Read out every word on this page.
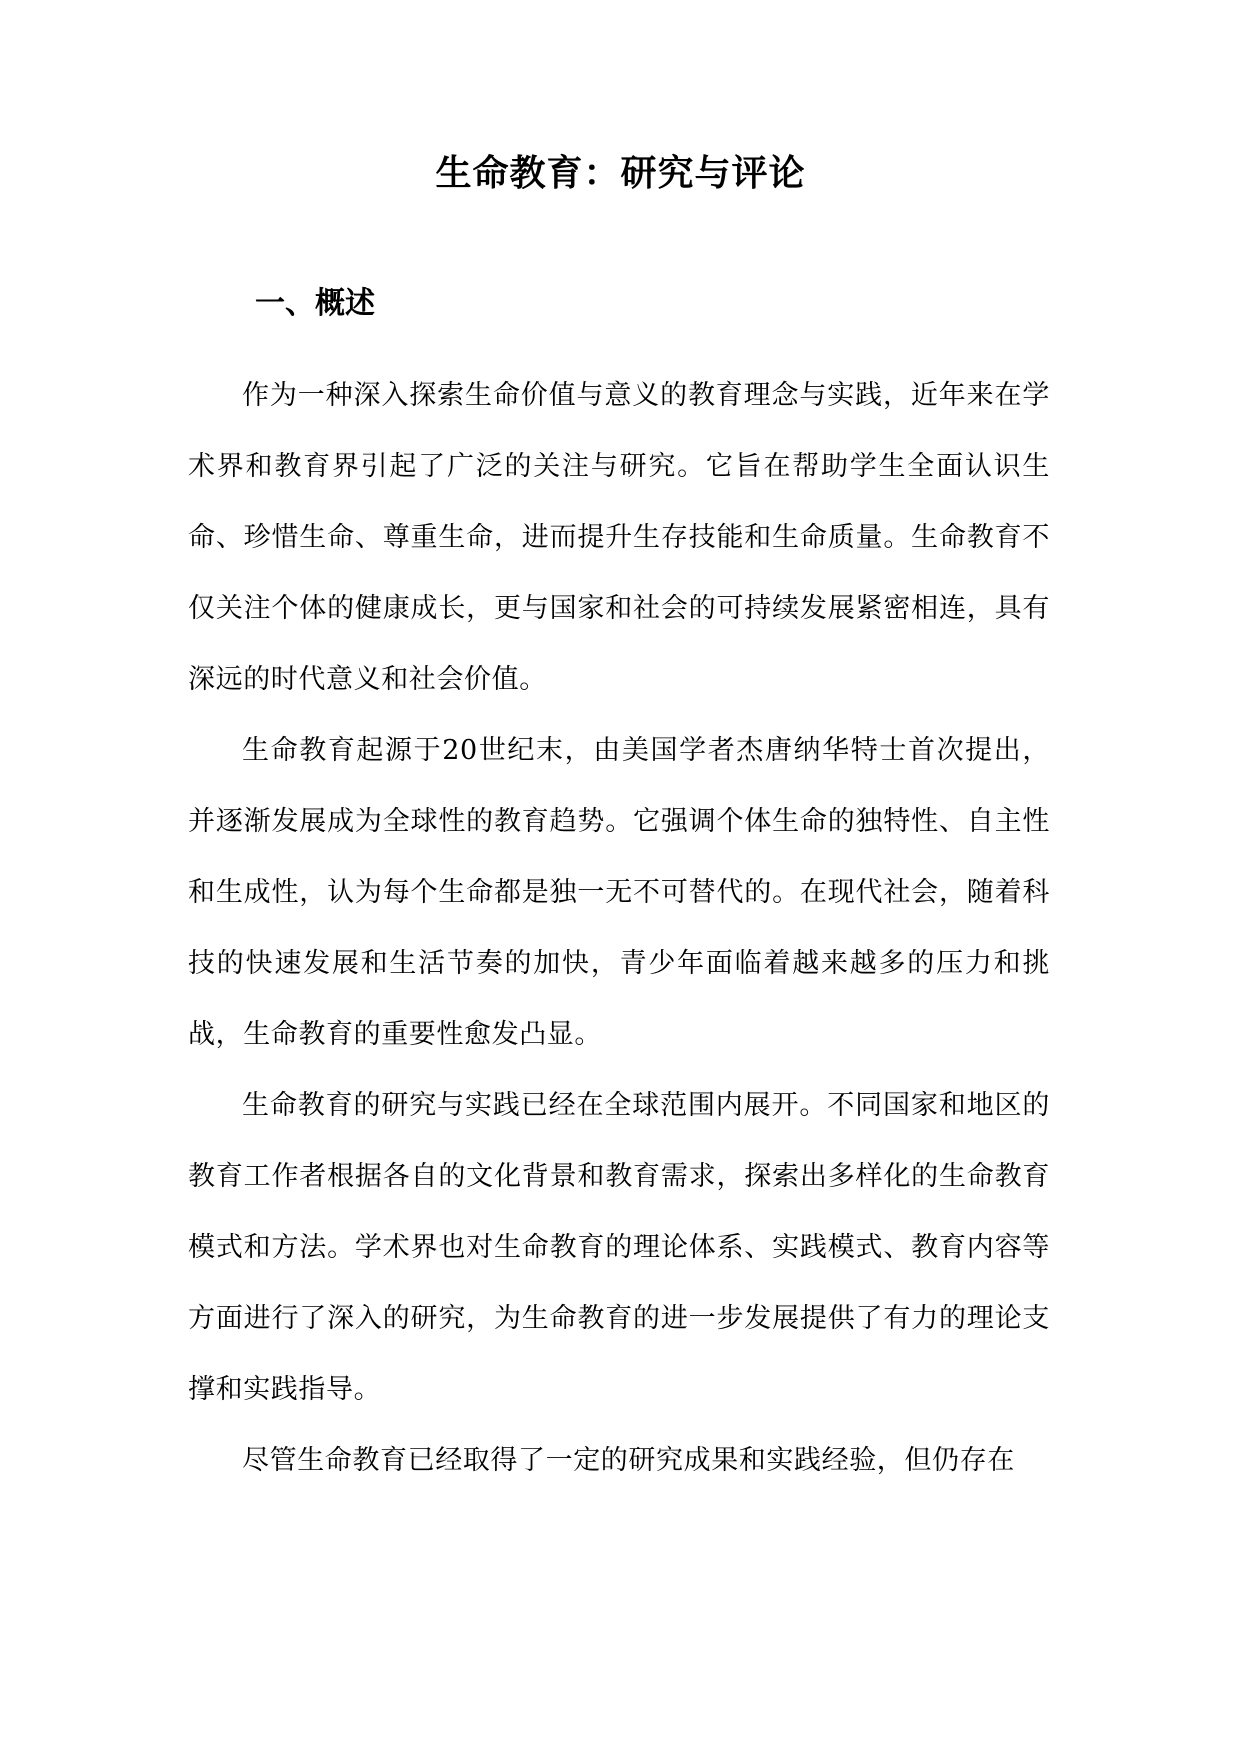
生命教育：研究与评论
一、概述

作为一种深入探索生命价值与意义的教育理念与实践，近年来在学术界和教育界引起了广泛的关注与研究。它旨在帮助学生全面认识生命、珍惜生命、尊重生命，进而提升生存技能和生命质量。生命教育不仅关注个体的健康成长，更与国家和社会的可持续发展紧密相连，具有深远的时代意义和社会价值。

生命教育起源于20世纪末，由美国学者杰唐纳华特士首次提出，并逐渐发展成为全球性的教育趋势。它强调个体生命的独特性、自主性和生成性，认为每个生命都是独一无不可替代的。在现代社会，随着科技的快速发展和生活节奏的加快，青少年面临着越来越多的压力和挑战，生命教育的重要性愈发凸显。

生命教育的研究与实践已经在全球范围内展开。不同国家和地区的教育工作者根据各自的文化背景和教育需求，探索出多样化的生命教育模式和方法。学术界也对生命教育的理论体系、实践模式、教育内容等方面进行了深入的研究，为生命教育的进一步发展提供了有力的理论支撑和实践指导。

尽管生命教育已经取得了一定的研究成果和实践经验，但仍存在
